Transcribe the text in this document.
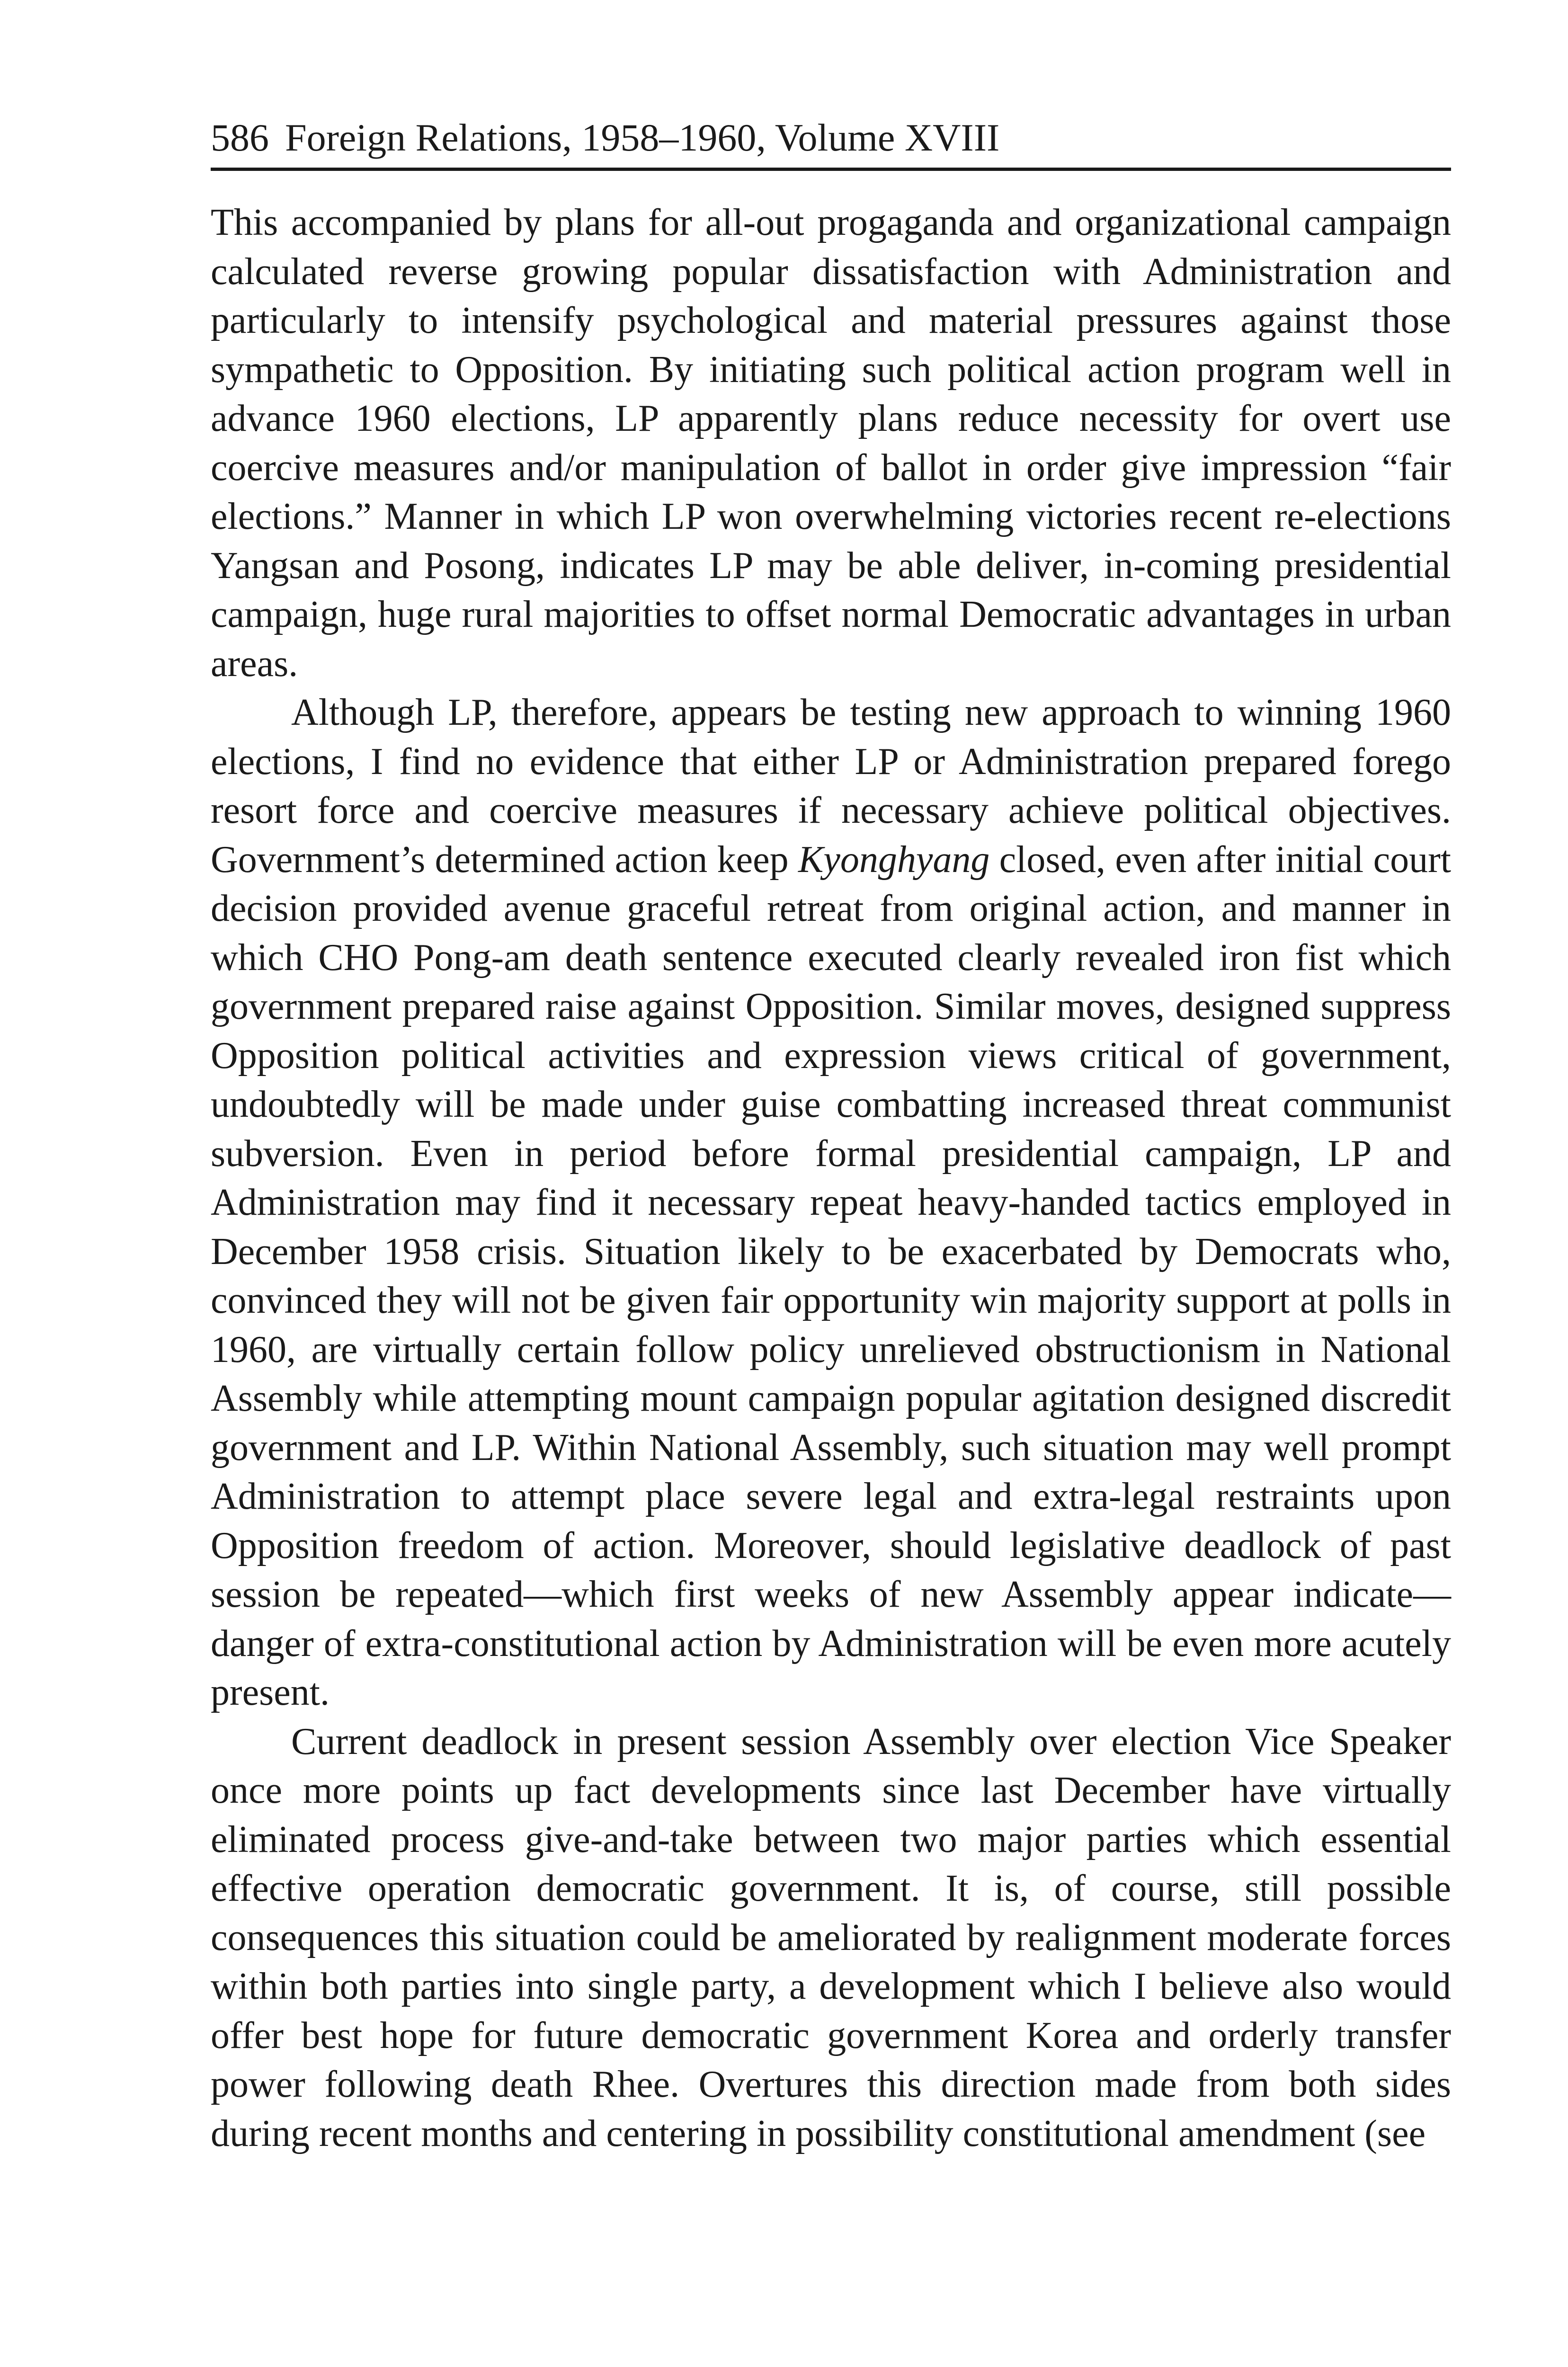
586 Foreign Relations, 1958–1960, Volume XVIII

This accompanied by plans for all-out progaganda and organizational campaign calculated reverse growing popular dissatisfaction with Administration and particularly to intensify psychological and material pressures against those sympathetic to Opposition. By initiating such political action program well in advance 1960 elections, LP apparently plans reduce necessity for overt use coercive measures and/or manipulation of ballot in order give impression “fair elections.” Manner in which LP won overwhelming victories recent re-elections Yangsan and Posong, indicates LP may be able deliver, in-coming presidential campaign, huge rural majorities to offset normal Democratic advantages in urban areas.

Although LP, therefore, appears be testing new approach to winning 1960 elections, I find no evidence that either LP or Administration prepared forego resort force and coercive measures if necessary achieve political objectives. Government’s determined action keep Kyonghyang closed, even after initial court decision provided avenue graceful retreat from original action, and manner in which CHO Pong-am death sentence executed clearly revealed iron fist which government prepared raise against Opposition. Similar moves, designed suppress Opposition political activities and expression views critical of government, undoubtedly will be made under guise combatting increased threat communist subversion. Even in period before formal presidential campaign, LP and Administration may find it necessary repeat heavy-handed tactics employed in December 1958 crisis. Situation likely to be exacerbated by Democrats who, convinced they will not be given fair opportunity win majority support at polls in 1960, are virtually certain follow policy unrelieved obstructionism in National Assembly while attempting mount campaign popular agitation designed discredit government and LP. Within National Assembly, such situation may well prompt Administration to attempt place severe legal and extra-legal restraints upon Opposition freedom of action. Moreover, should legislative deadlock of past session be repeated—which first weeks of new Assembly appear indicate—danger of extra-constitutional action by Administration will be even more acutely present.

Current deadlock in present session Assembly over election Vice Speaker once more points up fact developments since last December have virtually eliminated process give-and-take between two major parties which essential effective operation democratic government. It is, of course, still possible consequences this situation could be ameliorated by realignment moderate forces within both parties into single party, a development which I believe also would offer best hope for future democratic government Korea and orderly transfer power following death Rhee. Overtures this direction made from both sides during recent months and centering in possibility constitutional amendment (see
